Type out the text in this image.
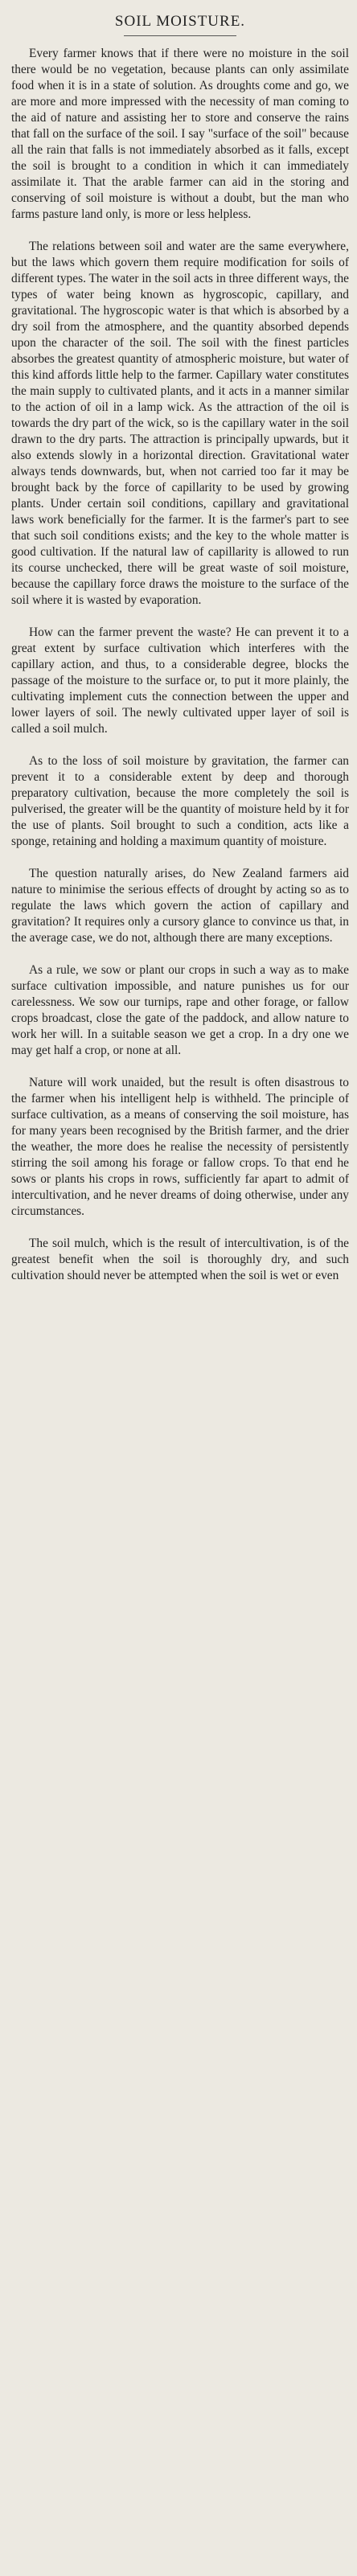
SOIL MOISTURE.

Every farmer knows that if there were no moisture in the soil there would be no vegetation, because plants can only assimilate food when it is in a state of solution. As droughts come and go, we are more and more impressed with the necessity of man coming to the aid of nature and assisting her to store and conserve the rains that fall on the surface of the soil. I say "surface of the soil" because all the rain that falls is not immediately absorbed as it falls, except the soil is brought to a condition in which it can immediately assimilate it. That the arable farmer can aid in the storing and conserving of soil moisture is without a doubt, but the man who farms pasture land only, is more or less helpless.

The relations between soil and water are the same everywhere, but the laws which govern them require modification for soils of different types. The water in the soil acts in three different ways, the types of water being known as hygroscopic, capillary, and gravitational. The hygroscopic water is that which is absorbed by a dry soil from the atmosphere, and the quantity absorbed depends upon the character of the soil. The soil with the finest particles absorbes the greatest quantity of atmospheric moisture, but water of this kind affords little help to the farmer. Capillary water constitutes the main supply to cultivated plants, and it acts in a manner similar to the action of oil in a lamp wick. As the attraction of the oil is towards the dry part of the wick, so is the capillary water in the soil drawn to the dry parts. The attraction is principally upwards, but it also extends slowly in a horizontal direction. Gravitational water always tends downwards, but, when not carried too far it may be brought back by the force of capillarity to be used by growing plants. Under certain soil conditions, capillary and gravitational laws work beneficially for the farmer. It is the farmer's part to see that such soil conditions exists; and the key to the whole matter is good cultivation. If the natural law of capillarity is allowed to run its course unchecked, there will be great waste of soil moisture, because the capillary force draws the moisture to the surface of the soil where it is wasted by evaporation.

How can the farmer prevent the waste? He can prevent it to a great extent by surface cultivation which interferes with the capillary action, and thus, to a considerable degree, blocks the passage of the moisture to the surface or, to put it more plainly, the cultivating implement cuts the connection between the upper and lower layers of soil. The newly cultivated upper layer of soil is called a soil mulch.

As to the loss of soil moisture by gravitation, the farmer can prevent it to a considerable extent by deep and thorough preparatory cultivation, because the more completely the soil is pulverised, the greater will be the quantity of moisture held by it for the use of plants. Soil brought to such a condition, acts like a sponge, retaining and holding a maximum quantity of moisture.

The question naturally arises, do New Zealand farmers aid nature to minimise the serious effects of drought by acting so as to regulate the laws which govern the action of capillary and gravitation? It requires only a cursory glance to convince us that, in the average case, we do not, although there are many exceptions.

As a rule, we sow or plant our crops in such a way as to make surface cultivation impossible, and nature punishes us for our carelessness. We sow our turnips, rape and other forage, or fallow crops broadcast, close the gate of the paddock, and allow nature to work her will. In a suitable season we get a crop. In a dry one we may get half a crop, or none at all.

Nature will work unaided, but the result is often disastrous to the farmer when his intelligent help is withheld. The principle of surface cultivation, as a means of conserving the soil moisture, has for many years been recognised by the British farmer, and the drier the weather, the more does he realise the necessity of persistently stirring the soil among his forage or fallow crops. To that end he sows or plants his crops in rows, sufficiently far apart to admit of intercultivation, and he never dreams of doing otherwise, under any circumstances.

The soil mulch, which is the result of intercultivation, is of the greatest benefit when the soil is thoroughly dry, and such cultivation should never be attempted when the soil is wet or even
